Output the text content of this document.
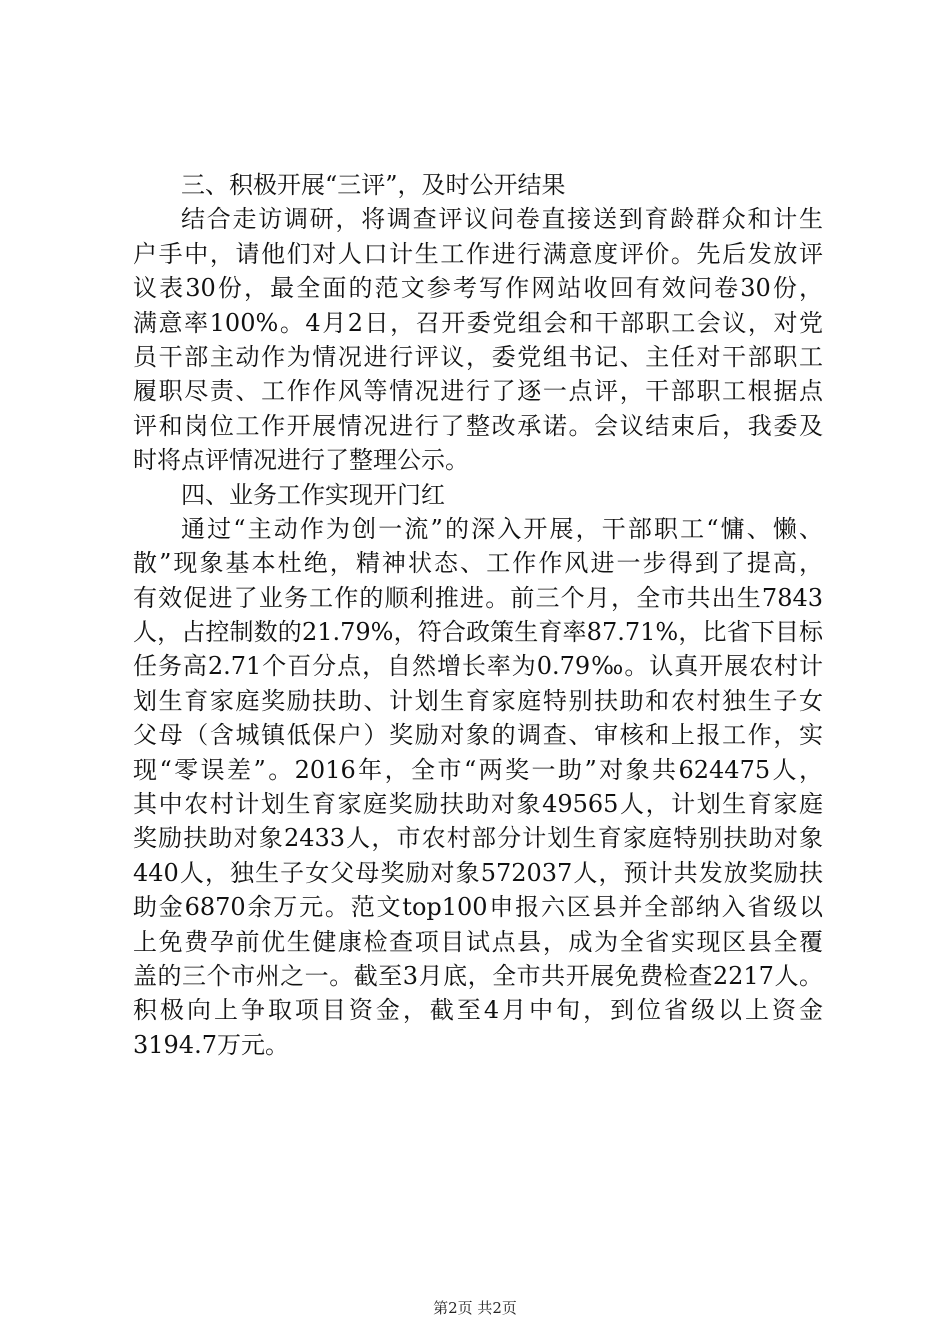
三、积极开展“三评”，及时公开结果
结合走访调研，将调查评议问卷直接送到育龄群众和计生
户手中，请他们对人口计生工作进行满意度评价。先后发放评
议表30份，最全面的范文参考写作网站收回有效问卷30份，
满意率100%。4月2日，召开委党组会和干部职工会议，对党
员干部主动作为情况进行评议，委党组书记、主任对干部职工
履职尽责、工作作风等情况进行了逐一点评，干部职工根据点
评和岗位工作开展情况进行了整改承诺。会议结束后，我委及
时将点评情况进行了整理公示。
四、业务工作实现开门红
通过“主动作为创一流”的深入开展，干部职工“慵、懒、
散”现象基本杜绝，精神状态、工作作风进一步得到了提高，
有效促进了业务工作的顺利推进。前三个月，全市共出生7843
人，占控制数的21.79%，符合政策生育率87.71%，比省下目标
任务高2.71个百分点，自然增长率为0.79‰。认真开展农村计
划生育家庭奖励扶助、计划生育家庭特别扶助和农村独生子女
父母（含城镇低保户）奖励对象的调查、审核和上报工作，实
现“零误差”。2016年，全市“两奖一助”对象共624475人，
其中农村计划生育家庭奖励扶助对象49565人，计划生育家庭
奖励扶助对象2433人，市农村部分计划生育家庭特别扶助对象
440人，独生子女父母奖励对象572037人，预计共发放奖励扶
助金6870余万元。范文top100申报六区县并全部纳入省级以
上免费孕前优生健康检查项目试点县，成为全省实现区县全覆
盖的三个市州之一。截至3月底，全市共开展免费检查2217人。
积极向上争取项目资金，截至4月中旬，到位省级以上资金
3194.7万元。
第2页 共2页
